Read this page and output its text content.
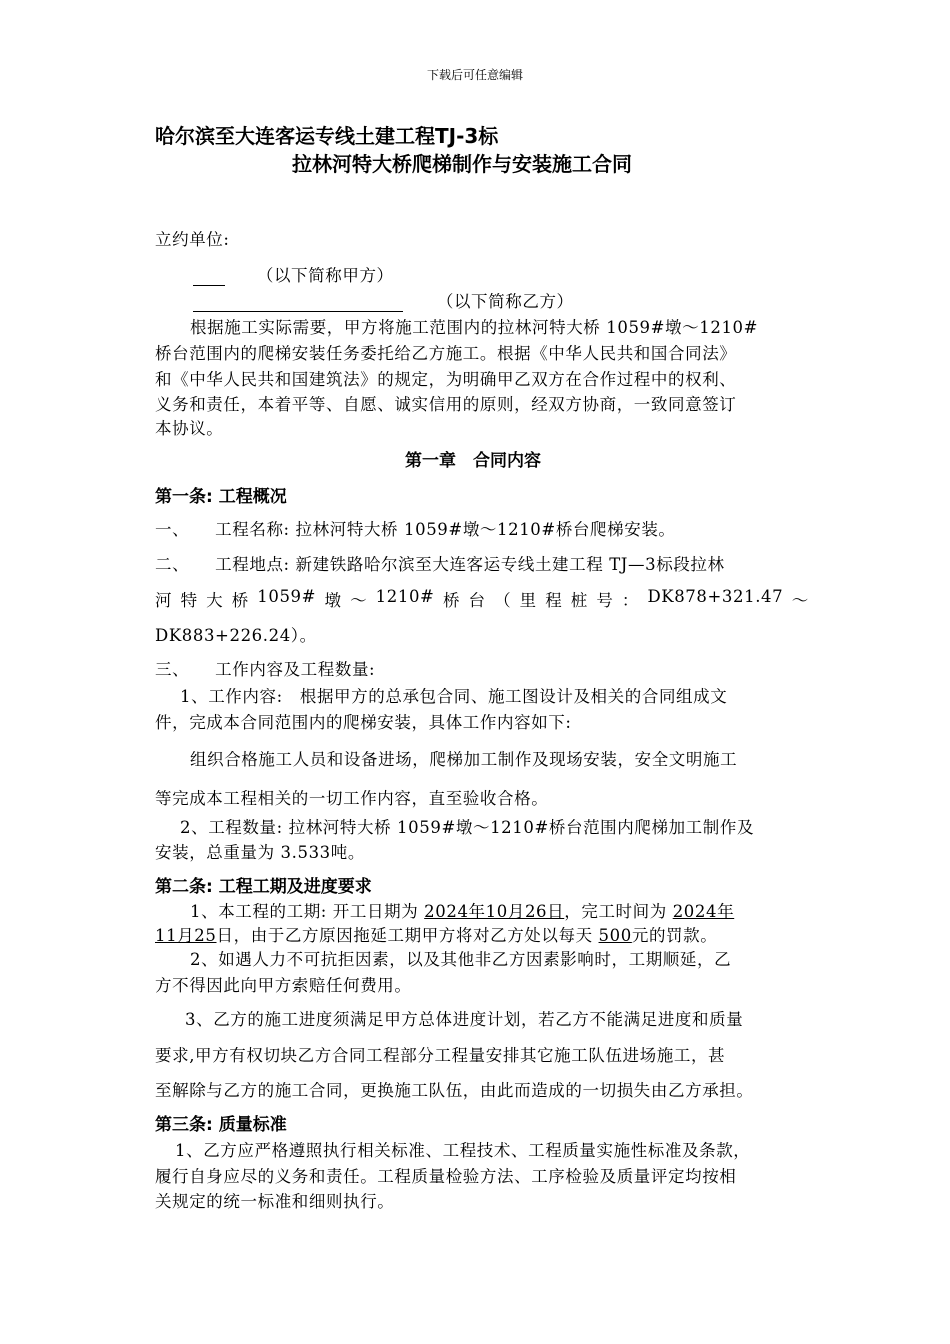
下载后可任意编辑
哈尔滨至大连客运专线土建工程TJ-3标
拉林河特大桥爬梯制作与安装施工合同
立约单位:
（以下简称甲方）
（以下简称乙方）
根据施工实际需要，甲方将施工范围内的拉林河特大桥 1059#墩～1210#
桥台范围内的爬梯安装任务委托给乙方施工。根据《中华人民共和国合同法》
和《中华人民共和国建筑法》的规定，为明确甲乙双方在合作过程中的权利、
义务和责任，本着平等、自愿、诚实信用的原则，经双方协商，一致同意签订
本协议。
第一章　合同内容
第一条: 工程概况
一、　　工程名称: 拉林河特大桥 1059#墩～1210#桥台爬梯安装。
二、　　工程地点: 新建铁路哈尔滨至大连客运专线土建工程 TJ—3标段拉林
河 特 大 桥 1059# 墩 ～ 1210# 桥 台 （ 里 程 桩 号 ： DK878+321.47 ～
DK883+226.24）。
三、　　工作内容及工程数量:
1、工作内容:　根据甲方的总承包合同、施工图设计及相关的合同组成文
件，完成本合同范围内的爬梯安装，具体工作内容如下:
组织合格施工人员和设备进场，爬梯加工制作及现场安装，安全文明施工
等完成本工程相关的一切工作内容，直至验收合格。
2、工程数量: 拉林河特大桥 1059#墩～1210#桥台范围内爬梯加工制作及
安装，总重量为 3.533吨。
第二条: 工程工期及进度要求
1、本工程的工期: 开工日期为 2024年10月26日，完工时间为 2024年
11月25日，由于乙方原因拖延工期甲方将对乙方处以每天 500元的罚款。
2、如遇人力不可抗拒因素，以及其他非乙方因素影响时，工期顺延，乙
方不得因此向甲方索赔任何费用。
3、乙方的施工进度须满足甲方总体进度计划，若乙方不能满足进度和质量
要求,甲方有权切块乙方合同工程部分工程量安排其它施工队伍进场施工，甚
至解除与乙方的施工合同，更换施工队伍，由此而造成的一切损失由乙方承担。
第三条: 质量标准
1、乙方应严格遵照执行相关标准、工程技术、工程质量实施性标准及条款，
履行自身应尽的义务和责任。工程质量检验方法、工序检验及质量评定均按相
关规定的统一标准和细则执行。
